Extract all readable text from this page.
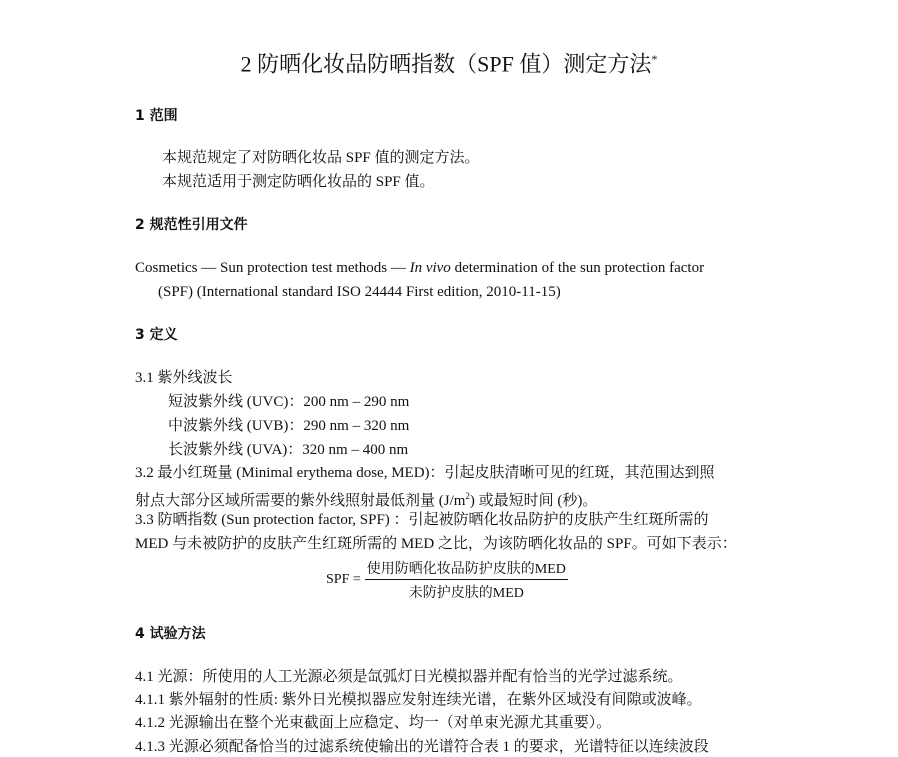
2 防晒化妆品防晒指数（SPF 值）测定方法*
1 范围
本规范规定了对防晒化妆品 SPF 值的测定方法。
本规范适用于测定防晒化妆品的 SPF 值。
2 规范性引用文件
Cosmetics — Sun protection test methods — In vivo determination of the sun protection factor
(SPF) (International standard ISO 24444 First edition, 2010-11-15)
3 定义
3.1 紫外线波长
短波紫外线 (UVC)：200 nm – 290 nm
中波紫外线 (UVB)：290 nm – 320 nm
长波紫外线 (UVA)：320 nm – 400 nm
3.2 最小红斑量 (Minimal erythema dose, MED)：引起皮肤清晰可见的红斑，其范围达到照
射点大部分区域所需要的紫外线照射最低剂量 $(J/m^2)$ 或最短时间 (秒)。
3.3 防晒指数 (Sun protection factor, SPF) ：引起被防晒化妆品防护的皮肤产生红斑所需的
MED 与未被防护的皮肤产生红斑所需的 MED 之比，为该防晒化妆品的 SPF。可如下表示：
SPF = $\frac{\text{使用防晒化妆品防护皮肤的MED}}{\text{未防护皮肤的MED}}$
4 试验方法
4.1 光源：所使用的人工光源必须是氙弧灯日光模拟器并配有恰当的光学过滤系统。
4.1.1 紫外辐射的性质: 紫外日光模拟器应发射连续光谱，在紫外区域没有间隙或波峰。
4.1.2 光源输出在整个光束截面上应稳定、均一（对单束光源尤其重要）。
4.1.3 光源必须配备恰当的过滤系统使输出的光谱符合表 1 的要求，光谱特征以连续波段
